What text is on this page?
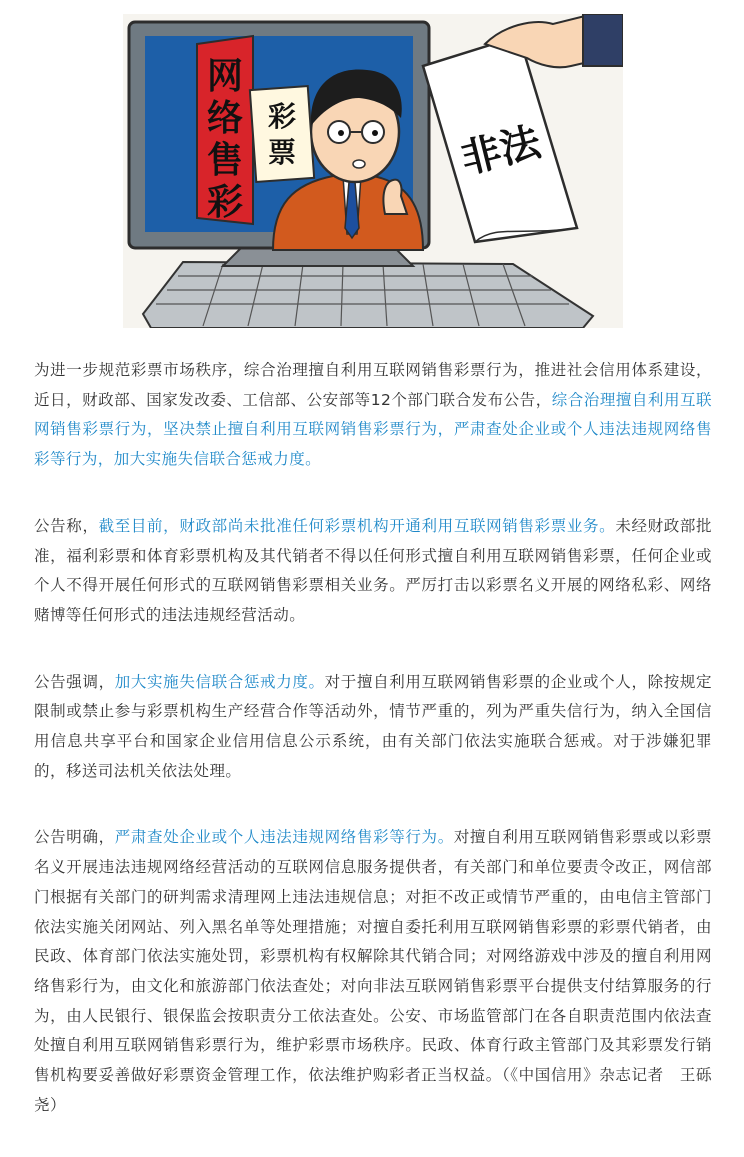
网
络
售
彩
彩
票	非法

为进一步规范彩票市场秩序，综合治理擅自利用互联网销售彩票行为，推进社会信用体系建设，近日，财政部、国家发改委、工信部、公安部等12个部门联合发布公告，综合治理擅自利用互联网销售彩票行为，坚决禁止擅自利用互联网销售彩票行为，严肃查处企业或个人违法违规网络售彩等行为，加大实施失信联合惩戒力度。

公告称，截至目前，财政部尚未批准任何彩票机构开通利用互联网销售彩票业务。未经财政部批准，福利彩票和体育彩票机构及其代销者不得以任何形式擅自利用互联网销售彩票，任何企业或个人不得开展任何形式的互联网销售彩票相关业务。严厉打击以彩票名义开展的网络私彩、网络赌博等任何形式的违法违规经营活动。

公告强调，加大实施失信联合惩戒力度。对于擅自利用互联网销售彩票的企业或个人，除按规定限制或禁止参与彩票机构生产经营合作等活动外，情节严重的，列为严重失信行为，纳入全国信用信息共享平台和国家企业信用信息公示系统，由有关部门依法实施联合惩戒。对于涉嫌犯罪的，移送司法机关依法处理。

公告明确，严肃查处企业或个人违法违规网络售彩等行为。对擅自利用互联网销售彩票或以彩票名义开展违法违规网络经营活动的互联网信息服务提供者，有关部门和单位要责令改正，网信部门根据有关部门的研判需求清理网上违法违规信息；对拒不改正或情节严重的，由电信主管部门依法实施关闭网站、列入黑名单等处理措施；对擅自委托利用互联网销售彩票的彩票代销者，由民政、体育部门依法实施处罚，彩票机构有权解除其代销合同；对网络游戏中涉及的擅自利用网络售彩行为，由文化和旅游部门依法查处；对向非法互联网销售彩票平台提供支付结算服务的行为，由人民银行、银保监会按职责分工依法查处。公安、市场监管部门在各自职责范围内依法查处擅自利用互联网销售彩票行为，维护彩票市场秩序。民政、体育行政主管部门及其彩票发行销售机构要妥善做好彩票资金管理工作，依法维护购彩者正当权益。（《中国信用》杂志记者　王砾尧）
